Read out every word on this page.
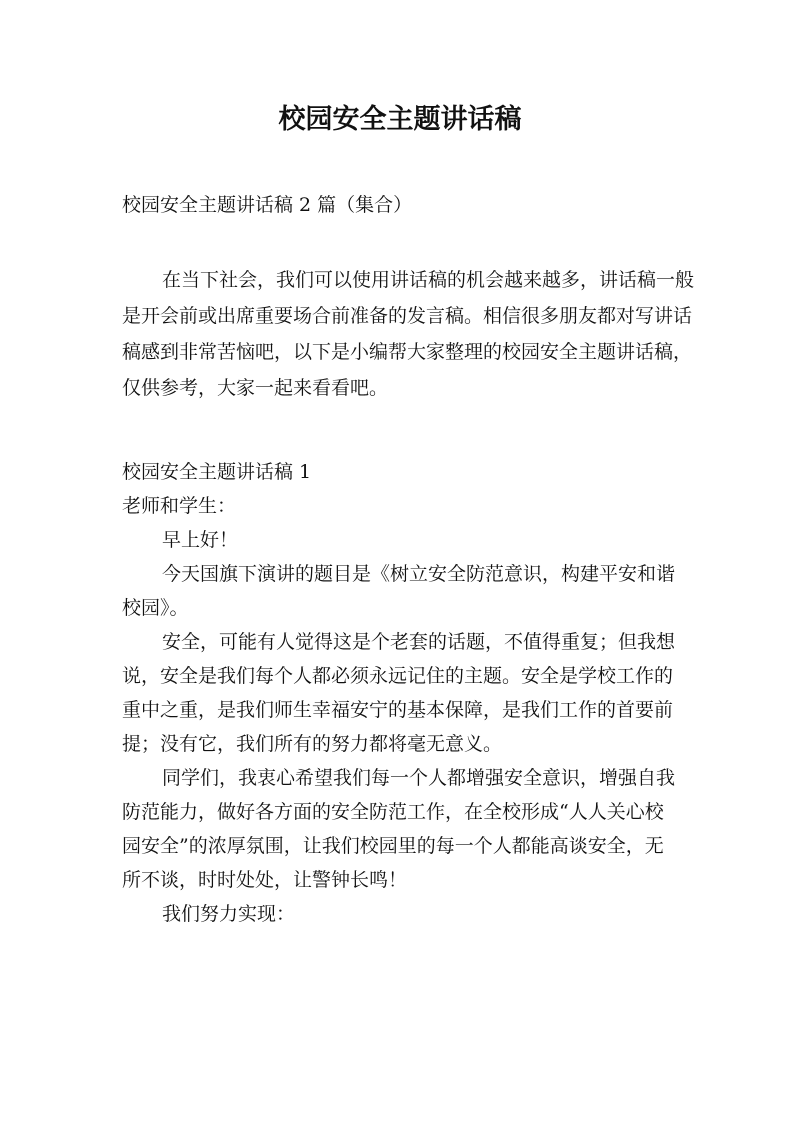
校园安全主题讲话稿

校园安全主题讲话稿 2 篇（集合）

在当下社会，我们可以使用讲话稿的机会越来越多，讲话稿一般是开会前或出席重要场合前准备的发言稿。相信很多朋友都对写讲话稿感到非常苦恼吧，以下是小编帮大家整理的校园安全主题讲话稿，仅供参考，大家一起来看看吧。

校园安全主题讲话稿 1

老师和学生：

早上好！

今天国旗下演讲的题目是《树立安全防范意识，构建平安和谐校园》。

安全，可能有人觉得这是个老套的话题，不值得重复；但我想说，安全是我们每个人都必须永远记住的主题。安全是学校工作的重中之重，是我们师生幸福安宁的基本保障，是我们工作的首要前提；没有它，我们所有的努力都将毫无意义。

同学们，我衷心希望我们每一个人都增强安全意识，增强自我防范能力，做好各方面的安全防范工作，在全校形成“人人关心校园安全”的浓厚氛围，让我们校园里的每一个人都能高谈安全，无所不谈，时时处处，让警钟长鸣！

我们努力实现：
